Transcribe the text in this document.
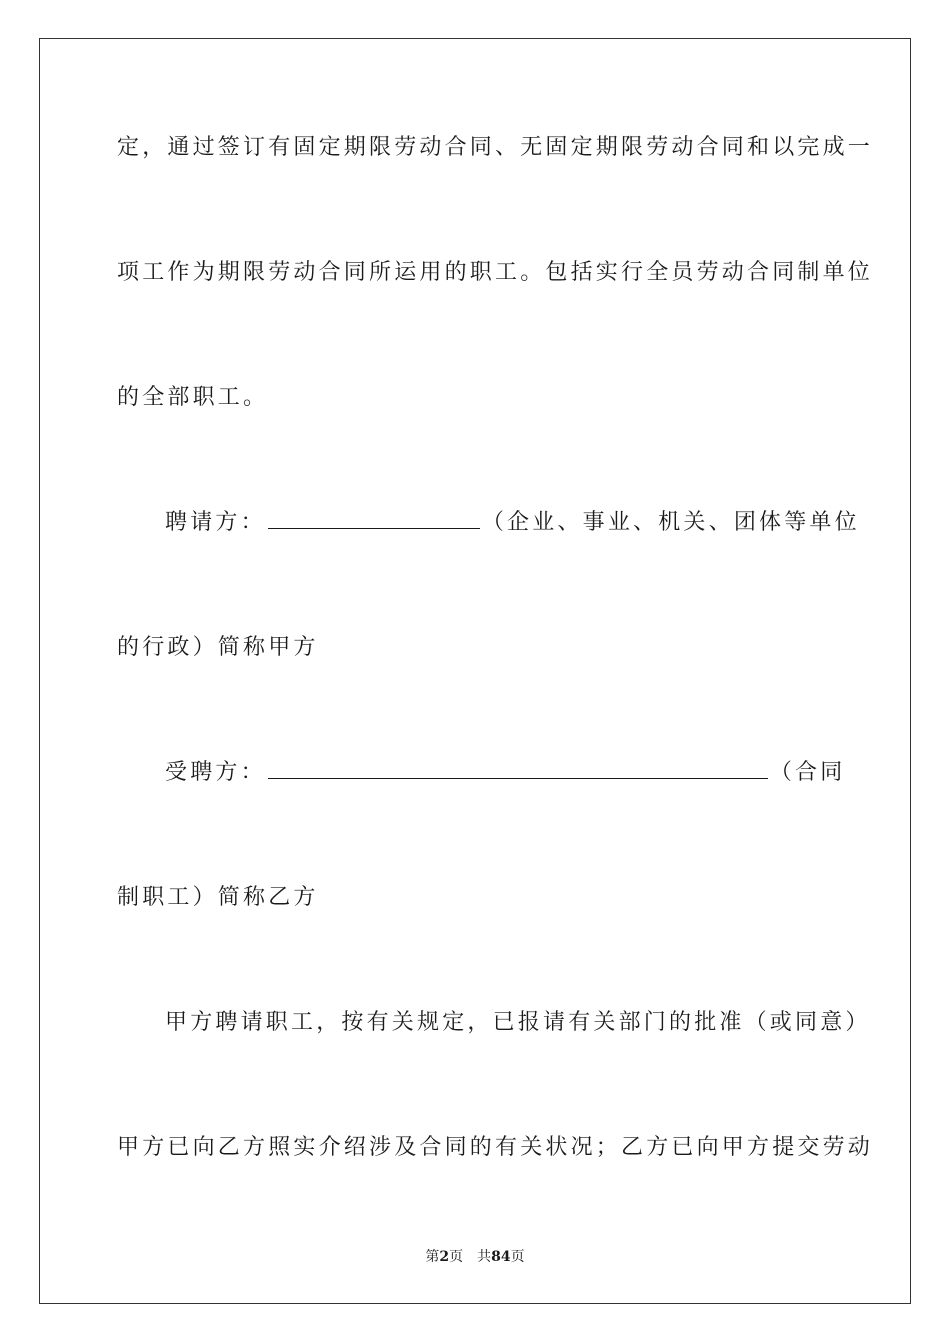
定，通过签订有固定期限劳动合同、无固定期限劳动合同和以完成一
项工作为期限劳动合同所运用的职工。包括实行全员劳动合同制单位
的全部职工。
聘请方：	（企业、事业、机关、团体等单位
的行政）简称甲方
受聘方：	（合同
制职工）简称乙方
甲方聘请职工，按有关规定，已报请有关部门的批准（或同意）
甲方已向乙方照实介绍涉及合同的有关状况；乙方已向甲方提交劳动
第2页 共84页
